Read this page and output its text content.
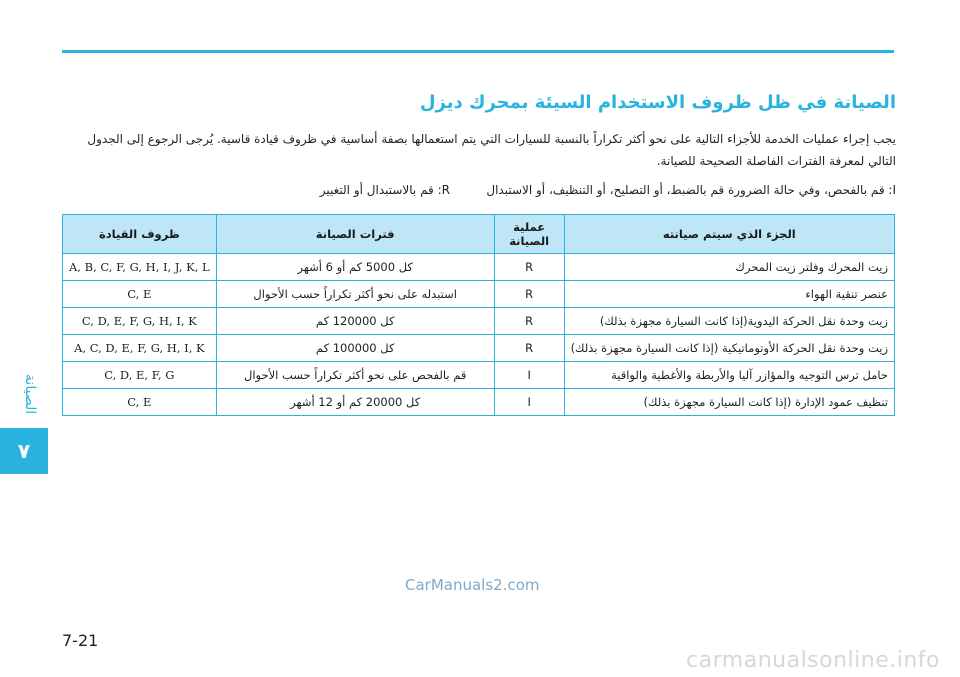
الصيانة
٧
الصيانة في ظل ظروف الاستخدام السيئة بمحرك ديزل
يجب إجراء عمليات الخدمة للأجزاء التالية على نحو أكثر تكراراً بالنسبة للسيارات التي يتم استعمالها بصفة أساسية في ظروف قيادة قاسية. يُرجى الرجوع إلى الجدول التالي لمعرفة الفترات الفاصلة الصحيحة للصيانة.
I: قم بالفحص، وفي حالة الضرورة قم بالضبط، أو التصليح، أو التنظيف، أو الاستبدال
R: قم بالاستبدال أو التغيير
الجزء الذي سيتم صيانته	عملية الصيانة	فترات الصيانة	ظروف القيادة
زيت المحرك وفلتر زيت المحرك	R	كل 5000 كم أو 6 أشهر	A, B, C, F, G, H, I, J, K, L
عنصر تنقية الهواء	R	استبدله على نحو أكثر تكراراً حسب الأحوال	C, E
زيت وحدة نقل الحركة اليدوية(إذا كانت السيارة مجهزة بذلك)	R	كل 120000 كم	C, D, E, F, G, H, I, K
زيت وحدة نقل الحركة الأوتوماتيكية (إذا كانت السيارة مجهزة بذلك)	R	كل 100000 كم	A, C, D, E, F, G, H, I, K
حامل ترس التوجيه والمؤازر آليا والأربطة والأغطية والواقية	I	قم بالفحص على نحو أكثر تكراراً حسب الأحوال	C, D, E, F, G
تنظيف عمود الإدارة (إذا كانت السيارة مجهزة بذلك)	I	كل 20000 كم أو 12 أشهر	C, E
CarManuals2.com
7-21
carmanualsonline.info
